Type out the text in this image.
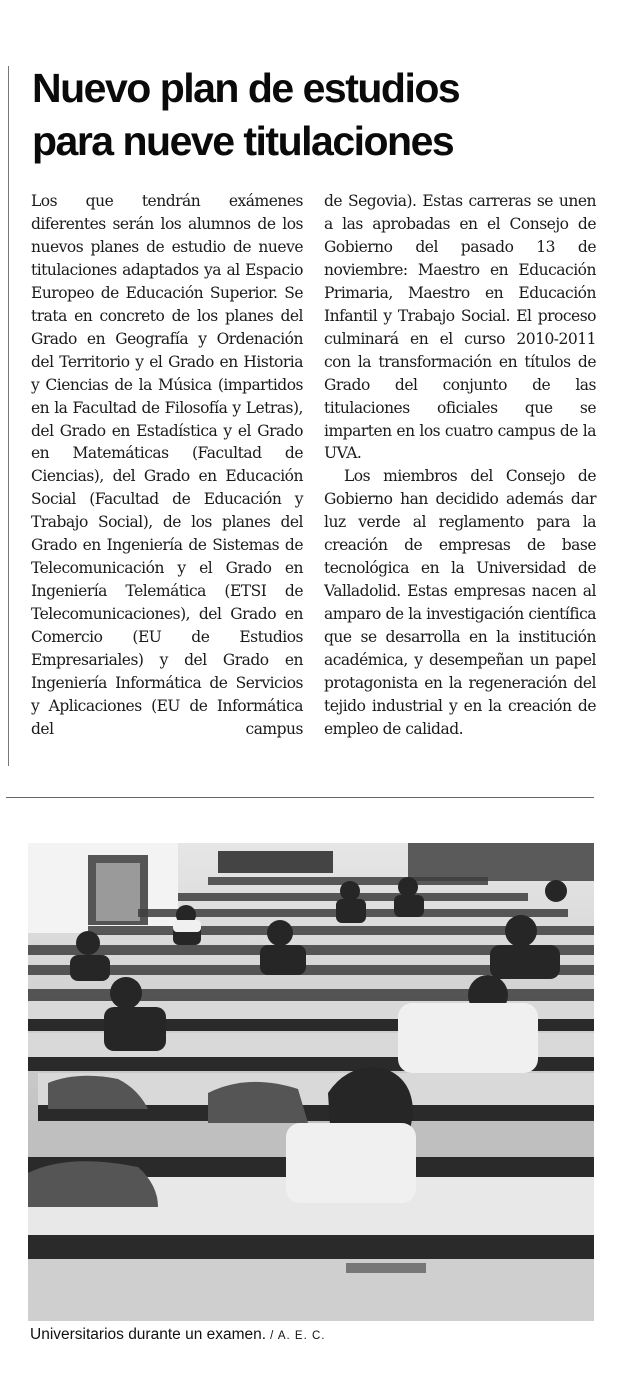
Nuevo plan de estudios
para nueve titulaciones

Los que tendrán exámenes diferentes serán los alumnos de los nuevos planes de estudio de nueve titulaciones adaptados ya al Espacio Europeo de Educación Superior. Se trata en concreto de los planes del Grado en Geografía y Ordenación del Territorio y el Grado en Historia y Ciencias de la Música (impartidos en la Facultad de Filosofía y Letras), del Grado en Estadística y el Grado en Matemáticas (Facultad de Ciencias), del Grado en Educación Social (Facultad de Educación y Trabajo Social), de los planes del Grado en Ingeniería de Sistemas de Telecomunicación y el Grado en Ingeniería Telemática (ETSI de Telecomunicaciones), del Grado en Comercio (EU de Estudios Empresariales) y del Grado en Ingeniería Informática de Servicios y Aplicaciones (EU de Informática del campus

de Segovia). Estas carreras se unen a las aprobadas en el Consejo de Gobierno del pasado 13 de noviembre: Maestro en Educación Primaria, Maestro en Educación Infantil y Trabajo Social. El proceso culminará en el curso 2010-2011 con la transformación en títulos de Grado del conjunto de las titulaciones oficiales que se imparten en los cuatro campus de la UVA.

Los miembros del Consejo de Gobierno han decidido además dar luz verde al reglamento para la creación de empresas de base tecnológica en la Universidad de Valladolid. Estas empresas nacen al amparo de la investigación científica que se desarrolla en la institución académica, y desempeñan un papel protagonista en la regeneración del tejido industrial y en la creación de empleo de calidad.

Universitarios durante un examen. / A. E. C.
